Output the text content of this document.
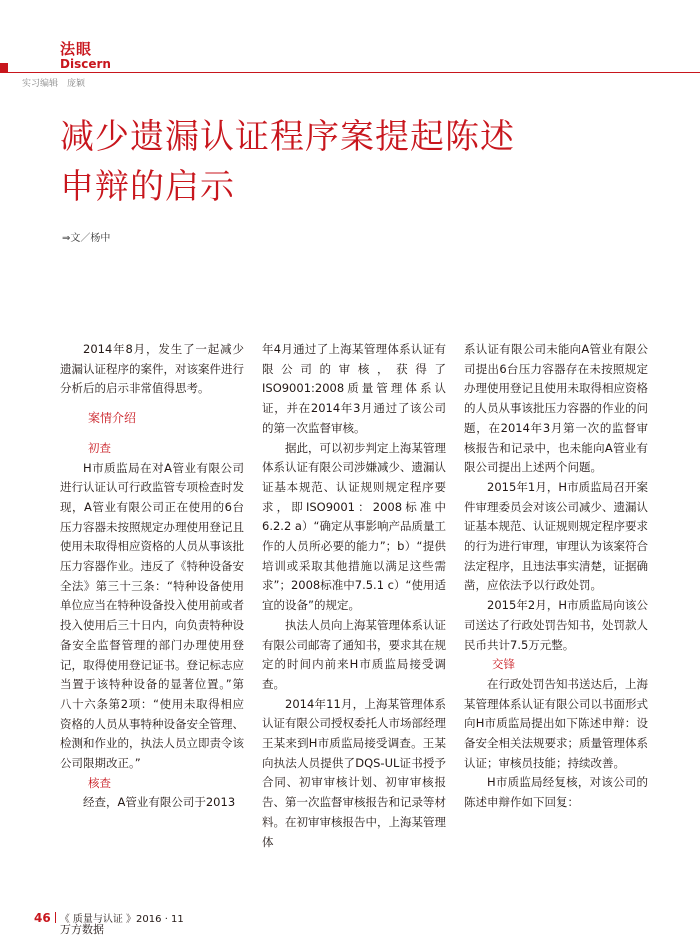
法眼
Discern
实习编辑　庞颖
减少遗漏认证程序案提起陈述
申辩的启示
⇒文／杨中

2014年8月，发生了一起减少遗漏认证程序的案件，对该案件进行分析后的启示非常值得思考。

案情介绍
初查

H市质监局在对A管业有限公司进行认证认可行政监管专项检查时发现，A管业有限公司正在使用的6台压力容器未按照规定办理使用登记且使用未取得相应资格的人员从事该批压力容器作业。违反了《特种设备安全法》第三十三条：“特种设备使用单位应当在特种设备投入使用前或者投入使用后三十日内，向负责特种设备安全监督管理的部门办理使用登记，取得使用登记证书。登记标志应当置于该特种设备的显著位置。”第八十六条第2项：“使用未取得相应资格的人员从事特种设备安全管理、检测和作业的，执法人员立即责令该公司限期改正。”

核查

经查，A管业有限公司于2013

年4月通过了上海某管理体系认证有限公司的审核，获得了ISO9001:2008质量管理体系认证，并在2014年3月通过了该公司的第一次监督审核。

据此，可以初步判定上海某管理体系认证有限公司涉嫌减少、遗漏认证基本规范、认证规则规定程序要求，即ISO9001：2008标准中6.2.2 a）“确定从事影响产品质量工作的人员所必要的能力”；b）“提供培训或采取其他措施以满足这些需求”；2008标准中7.5.1 c）“使用适宜的设备”的规定。

执法人员向上海某管理体系认证有限公司邮寄了通知书，要求其在规定的时间内前来H市质监局接受调查。

2014年11月，上海某管理体系认证有限公司授权委托人市场部经理王某来到H市质监局接受调查。王某向执法人员提供了DQS-UL证书授予合同、初审审核计划、初审审核报告、第一次监督审核报告和记录等材料。在初审审核报告中，上海某管理体

系认证有限公司未能向A管业有限公司提出6台压力容器存在未按照规定办理使用登记且使用未取得相应资格的人员从事该批压力容器的作业的问题，在2014年3月第一次的监督审核报告和记录中，也未能向A管业有限公司提出上述两个问题。

2015年1月，H市质监局召开案件审理委员会对该公司减少、遗漏认证基本规范、认证规则规定程序要求的行为进行审理，审理认为该案符合法定程序，且违法事实清楚，证据确凿，应依法予以行政处罚。

2015年2月，H市质监局向该公司送达了行政处罚告知书，处罚款人民币共计7.5万元整。

交锋

在行政处罚告知书送达后，上海某管理体系认证有限公司以书面形式向H市质监局提出如下陈述申辩：设备安全相关法规要求；质量管理体系认证；审核员技能；持续改善。

H市质监局经复核，对该公司的陈述申辩作如下回复：

46 《 质量与认证 》2016 · 11
万方数据
